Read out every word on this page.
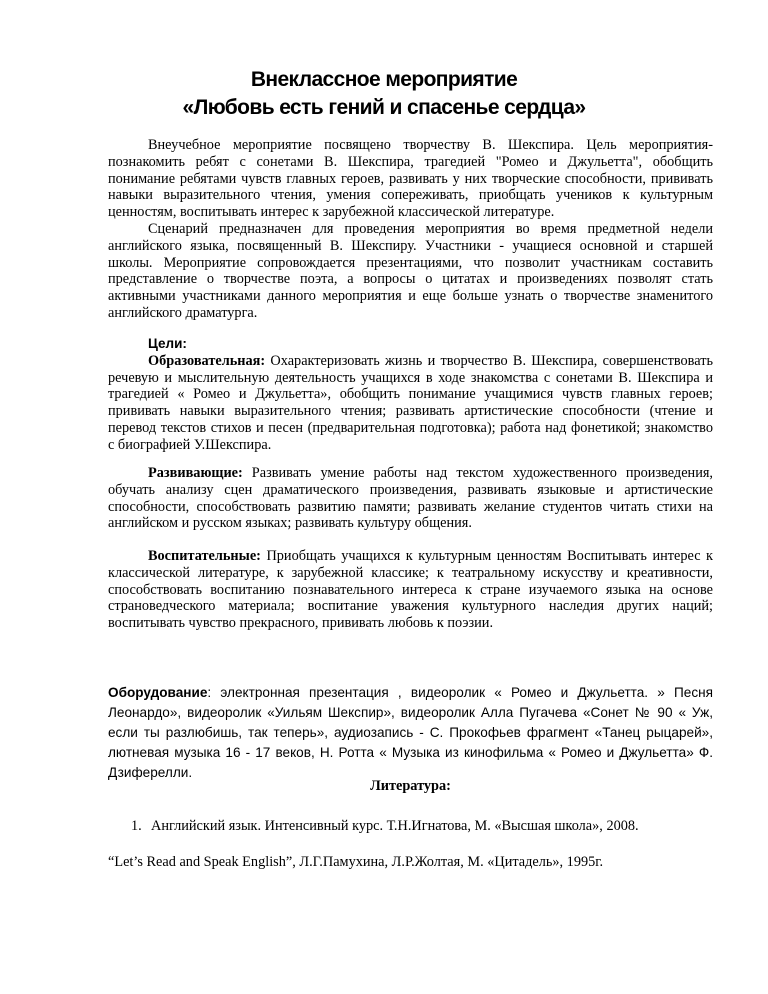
Внеклассное мероприятие
«Любовь есть гений и спасенье сердца»

Внеучебное мероприятие посвящено творчеству В. Шекспира. Цель мероприятия- познакомить ребят с сонетами В. Шекспира, трагедией "Ромео и Джульетта", обобщить понимание ребятами чувств главных героев, развивать у них творческие способности, прививать навыки выразительного чтения, умения сопереживать, приобщать учеников к культурным ценностям, воспитывать интерес к зарубежной классической литературе.

Сценарий предназначен для проведения мероприятия во время предметной недели английского языка, посвященный В. Шекспиру. Участники - учащиеся основной и старшей школы. Мероприятие сопровождается презентациями, что позволит участникам составить представление о творчестве поэта, а вопросы о цитатах и произведениях позволят стать активными участниками данного мероприятия и еще больше узнать о творчестве знаменитого английского драматурга.

Цели:

Образовательная: Охарактеризовать жизнь и творчество В. Шекспира, совершенствовать речевую и мыслительную деятельность учащихся в ходе знакомства с сонетами В. Шекспира и трагедией « Ромео и Джульетта», обобщить понимание учащимися чувств главных героев; прививать навыки выразительного чтения; развивать артистические способности (чтение и перевод текстов стихов и песен (предварительная подготовка); работа над фонетикой; знакомство с биографией У.Шекспира.

Развивающие: Развивать умение работы над текстом художественного произведения, обучать анализу сцен драматического произведения, развивать языковые и артистические способности, способствовать развитию памяти; развивать желание студентов читать стихи на английском и русском языках; развивать культуру общения.

Воспитательные: Приобщать учащихся к культурным ценностям Воспитывать интерес к классической литературе, к зарубежной классике; к театральному искусству и креативности, способствовать воспитанию познавательного интереса к стране изучаемого языка на основе страноведческого материала; воспитание уважения культурного наследия других наций; воспитывать чувство прекрасного, прививать любовь к поэзии.

Оборудование: электронная презентация , видеоролик « Ромео и Джульетта. » Песня Леонардо», видеоролик «Уильям Шекспир», видеоролик Алла Пугачева «Сонет № 90 « Уж, если ты разлюбишь, так теперь», аудиозапись - С. Прокофьев фрагмент «Танец рыцарей», лютневая музыка 16 - 17 веков, Н. Ротта « Музыка из кинофильма « Ромео и Джульетта» Ф. Дзиферелли.

Литература:

1. Английский язык. Интенсивный курс. Т.Н.Игнатова, М. «Высшая школа», 2008.

“Let’s Read and Speak English”, Л.Г.Памухина, Л.Р.Жолтая, М. «Цитадель», 1995г.
